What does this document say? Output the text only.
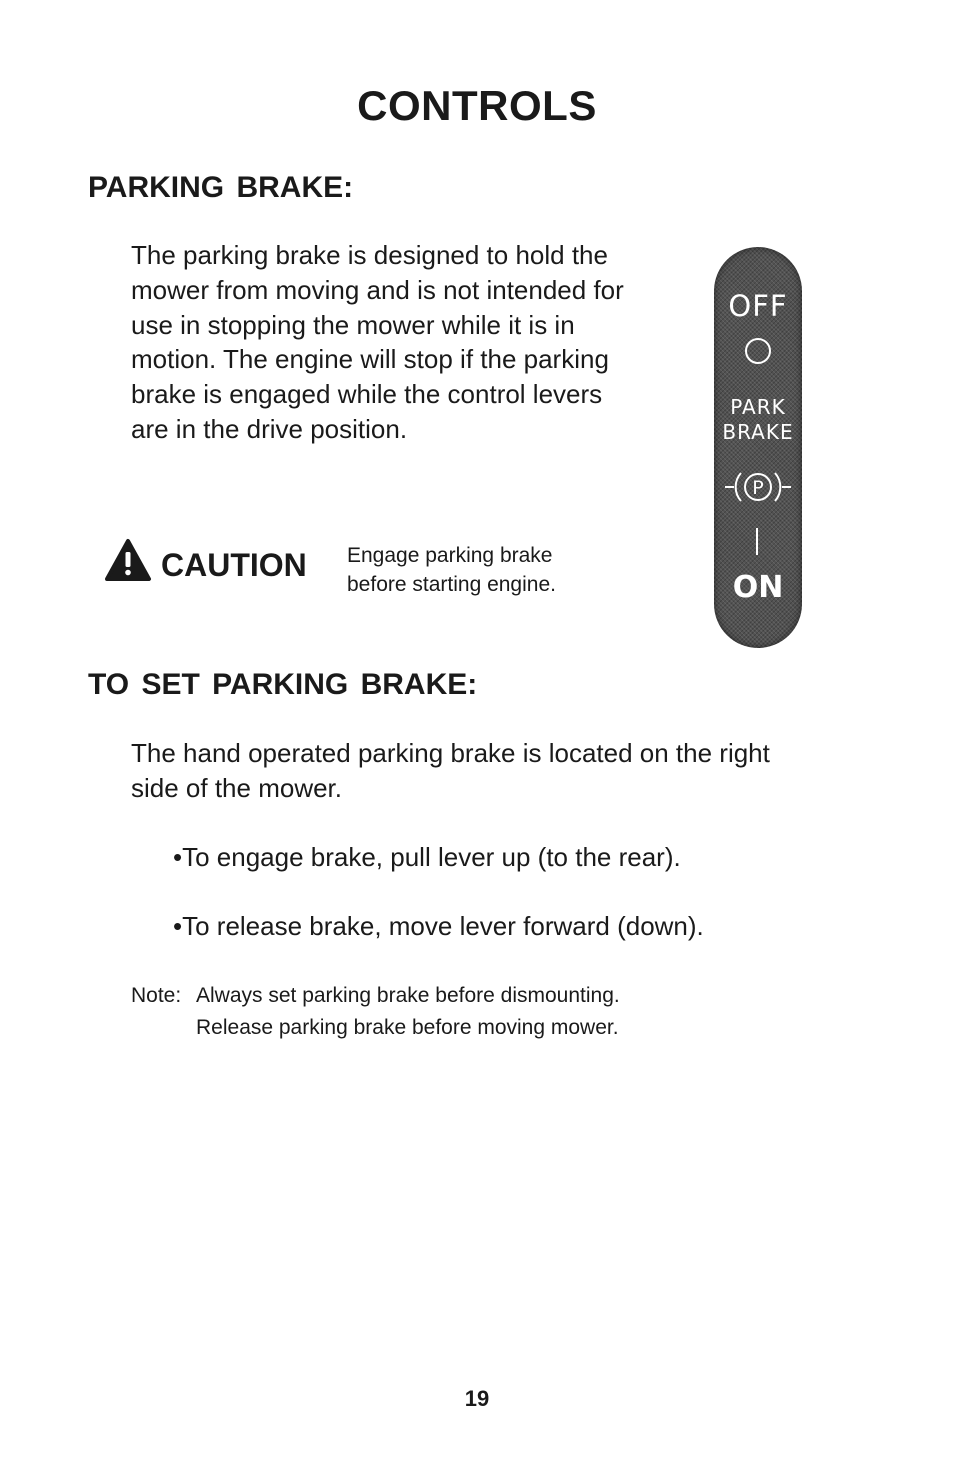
CONTROLS
PARKING BRAKE:

The parking brake is designed to hold the mower from moving and is not intended for use in stopping the mower while it is in motion. The engine will stop if the parking brake is engaged while the control levers are in the drive position.

CAUTION Engage parking brake
before starting engine.
OFF
PARK
BRAKE
P
ON
TO SET PARKING BRAKE:

The hand operated parking brake is located on the right side of the mower.

•To engage brake, pull lever up (to the rear).
•To release brake, move lever forward (down).
Note: Always set parking brake before dismounting.
Release parking brake before moving mower.
19
